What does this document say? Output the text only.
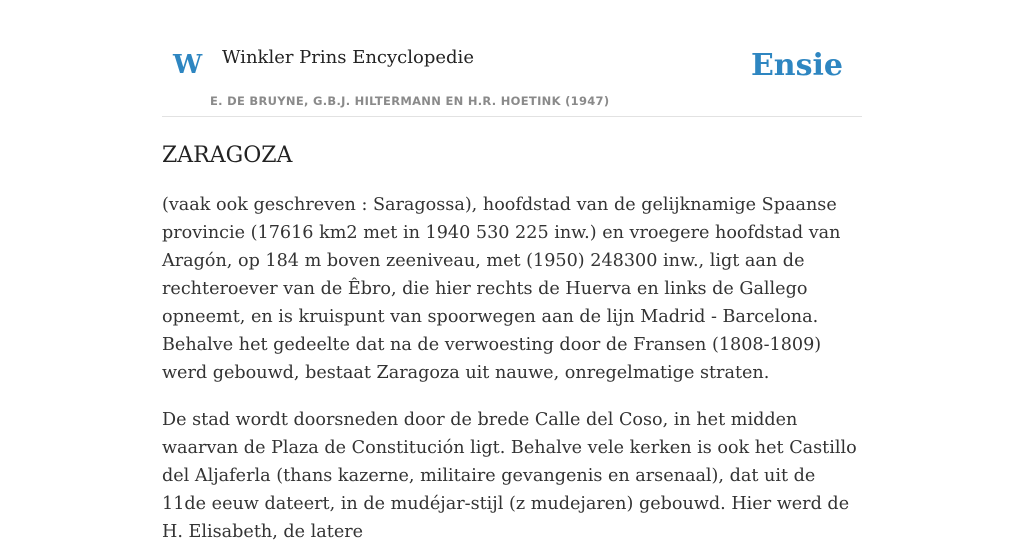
W Winkler Prins Encyclopedie
E. DE BRUYNE, G.B.J. HILTERMANN EN H.R. HOETINK (1947)
Ensie
ZARAGOZA

(vaak ook geschreven : Saragossa), hoofdstad van de gelijknamige Spaanse provincie (17616 km2 met in 1940 530 225 inw.) en vroegere hoofdstad van Aragón, op 184 m boven zeeniveau, met (1950) 248300 inw., ligt aan de rechteroever van de Êbro, die hier rechts de Huerva en links de Gallego opneemt, en is kruispunt van spoorwegen aan de lijn Madrid - Barcelona. Behalve het gedeelte dat na de verwoesting door de Fransen (1808-1809) werd gebouwd, bestaat Zaragoza uit nauwe, onregelmatige straten.

De stad wordt doorsneden door de brede Calle del Coso, in het midden waarvan de Plaza de Constitución ligt. Behalve vele kerken is ook het Castillo del Aljaferla (thans kazerne, militaire gevangenis en arsenaal), dat uit de 11de eeuw dateert, in de mudéjar-stijl (z mudejaren) gebouwd. Hier werd de H. Elisabeth, de latere
